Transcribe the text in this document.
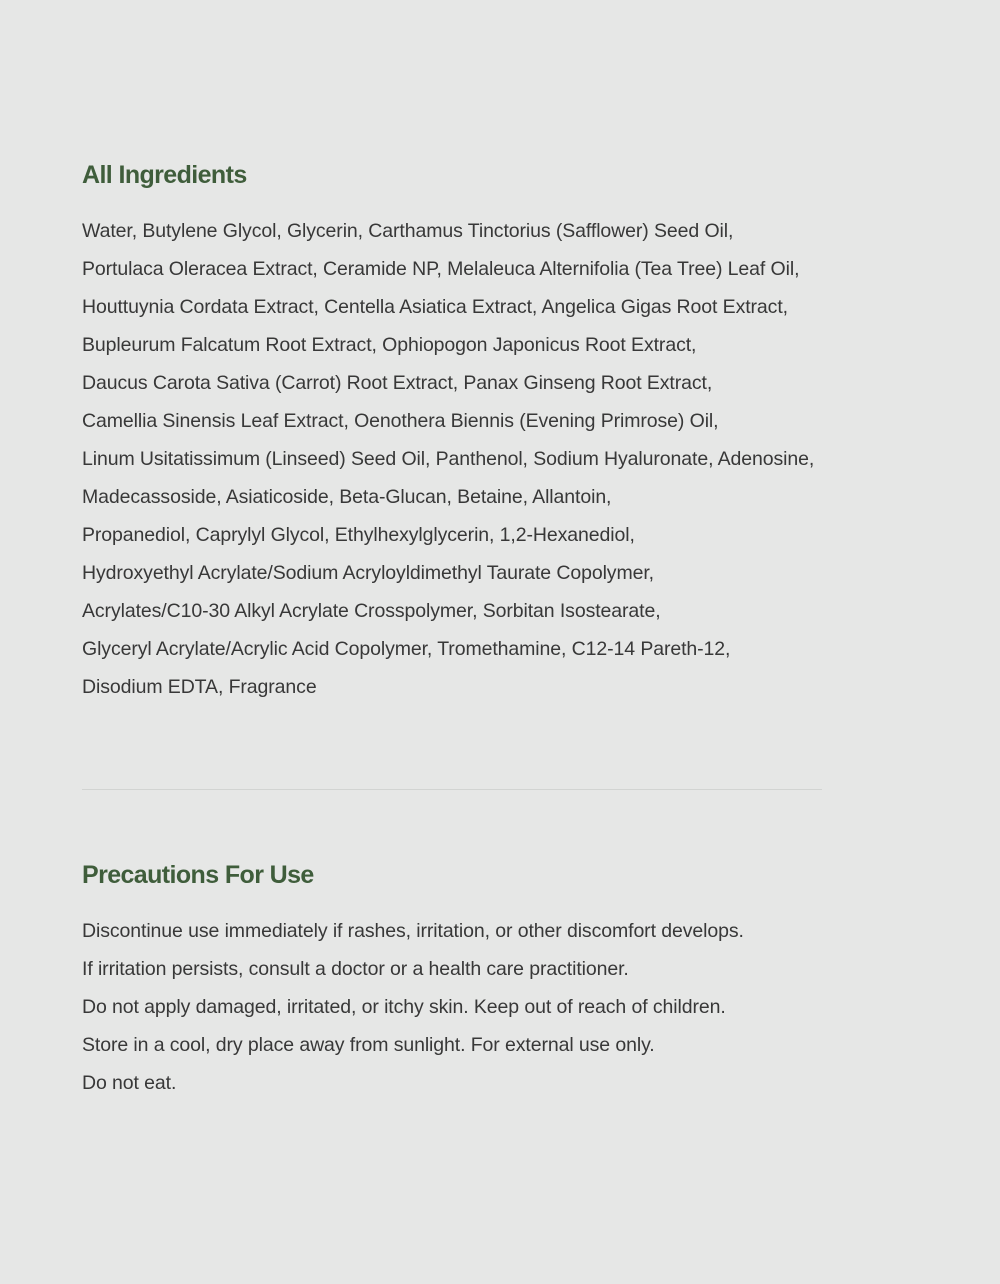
All Ingredients
Water, Butylene Glycol, Glycerin, Carthamus Tinctorius (Safflower) Seed Oil,
Portulaca Oleracea Extract, Ceramide NP, Melaleuca Alternifolia (Tea Tree) Leaf Oil,
Houttuynia Cordata Extract, Centella Asiatica Extract, Angelica Gigas Root Extract,
Bupleurum Falcatum Root Extract, Ophiopogon Japonicus Root Extract,
Daucus Carota Sativa (Carrot) Root Extract, Panax Ginseng Root Extract,
Camellia Sinensis Leaf Extract, Oenothera Biennis (Evening Primrose) Oil,
Linum Usitatissimum (Linseed) Seed Oil, Panthenol, Sodium Hyaluronate, Adenosine,
Madecassoside, Asiaticoside, Beta-Glucan, Betaine, Allantoin,
Propanediol, Caprylyl Glycol, Ethylhexylglycerin, 1,2-Hexanediol,
Hydroxyethyl Acrylate/Sodium Acryloyldimethyl Taurate Copolymer,
Acrylates/C10-30 Alkyl Acrylate Crosspolymer, Sorbitan Isostearate,
Glyceryl Acrylate/Acrylic Acid Copolymer, Tromethamine, C12-14 Pareth-12,
Disodium EDTA, Fragrance
Precautions For Use
Discontinue use immediately if rashes, irritation, or other discomfort develops.
If irritation persists, consult a doctor or a health care practitioner.
Do not apply damaged, irritated, or itchy skin. Keep out of reach of children.
Store in a cool, dry place away from sunlight. For external use only.
Do not eat.
